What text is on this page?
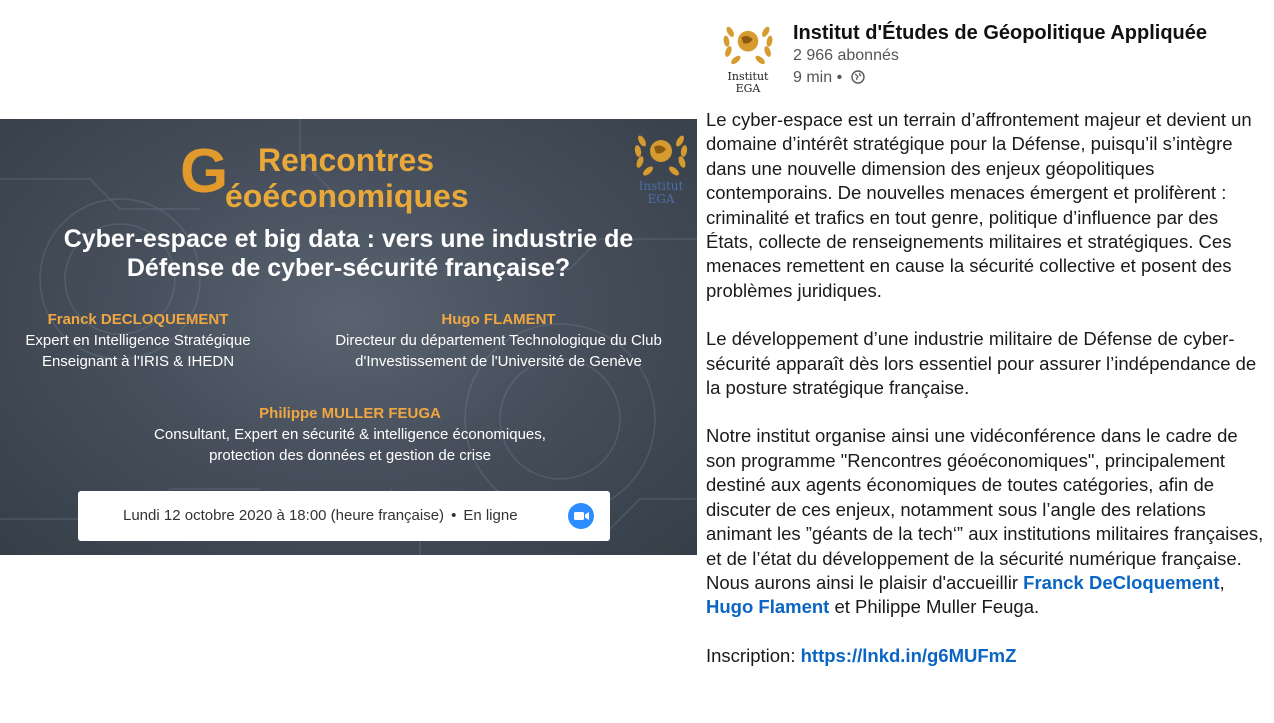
G Rencontres
éoéconomiques	Institut EGA
Cyber-espace et big data : vers une industrie de
Défense de cyber-sécurité française?
Franck DECLOQUEMENT
Expert en Intelligence Stratégique
Enseignant à l'IRIS & IHEDN
Hugo FLAMENT
Directeur du département Technologique du Club
d'Investissement de l'Université de Genève
Philippe MULLER FEUGA
Consultant, Expert en sécurité & intelligence économiques,
protection des données et gestion de crise
Lundi 12 octobre 2020 à 18:00 (heure française) • En ligne
Institut
EGA
Institut d'Études de Géopolitique Appliquée
2 966 abonnés
9 min •

Le cyber-espace est un terrain d’affrontement majeur et devient un domaine d’intérêt stratégique pour la Défense, puisqu’il s’intègre dans une nouvelle dimension des enjeux géopolitiques contemporains. De nouvelles menaces émergent et prolifèrent : criminalité et trafics en tout genre, politique d’influence par des États, collecte de renseignements militaires et stratégiques. Ces menaces remettent en cause la sécurité collective et posent des problèmes juridiques.

Le développement d’une industrie militaire de Défense de cyber-sécurité apparaît dès lors essentiel pour assurer l’indépendance de la posture stratégique française.

Notre institut organise ainsi une vidéconférence dans le cadre de son programme "Rencontres géoéconomiques", principalement destiné aux agents économiques de toutes catégories, afin de discuter de ces enjeux, notamment sous l’angle des relations animant les ”géants de la tech‘” aux institutions militaires françaises, et de l’état du développement de la sécurité numérique française.

Nous aurons ainsi le plaisir d'accueillir Franck DeCloquement, Hugo Flament et Philippe Muller Feuga.

Inscription: https://lnkd.in/g6MUFmZ
